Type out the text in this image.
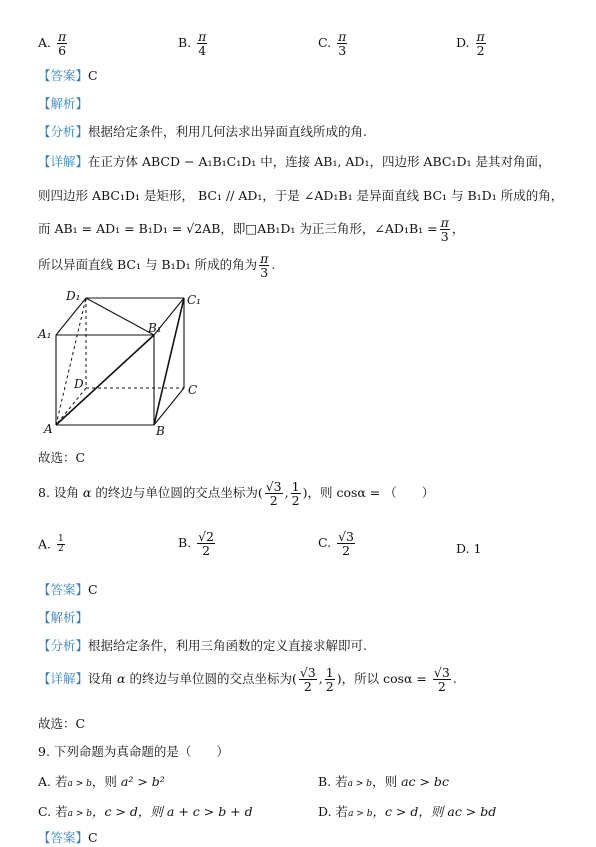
A. $\frac{\pi}{6}$	B. $\frac{\pi}{4}$	C. $\frac{\pi}{3}$	D. $\frac{\pi}{2}$
【答案】C
【解析】
【分析】根据给定条件，利用几何法求出异面直线所成的角.
【详解】在正方体 ABCD − A₁B₁C₁D₁ 中，连接 AB₁, AD₁，四边形 ABC₁D₁ 是其对角面，
则四边形 ABC₁D₁ 是矩形， BC₁ // AD₁，于是 ∠AD₁B₁ 是异面直线 BC₁ 与 B₁D₁ 所成的角，
而 AB₁ = AD₁ = B₁D₁ = √2AB，即□AB₁D₁ 为正三角形，∠AD₁B₁ = $\frac{\pi}{3}$ ，
所以异面直线 BC₁ 与 B₁D₁ 所成的角为 $\frac{\pi}{3}$ .
D₁	C₁
A₁	B₁
D	C
A	B
故选：C
8. 设角 α 的终边与单位圆的交点坐标为( $\frac{√3}{2}$ , $\frac{1}{2}$ )，则 cosα = （　　）
A. $\frac{1}{2}$	B. $\frac{√2}{2}$	C. $\frac{√3}{2}$	D. 1
【答案】C
【解析】
【分析】根据给定条件，利用三角函数的定义直接求解即可.
【详解】设角 α 的终边与单位圆的交点坐标为( $\frac{√3}{2}$ , $\frac{1}{2}$ )，所以 $\cos\alpha = \frac{√3}{2}$ .
故选：C
9. 下列命题为真命题的是（　　）
A. 若a > b，则 a² > b²	B. 若a > b，则 ac > bc
C. 若a > b，c > d，则 a + c > b + d	D. 若a > b，c > d，则 ac > bd
【答案】C
